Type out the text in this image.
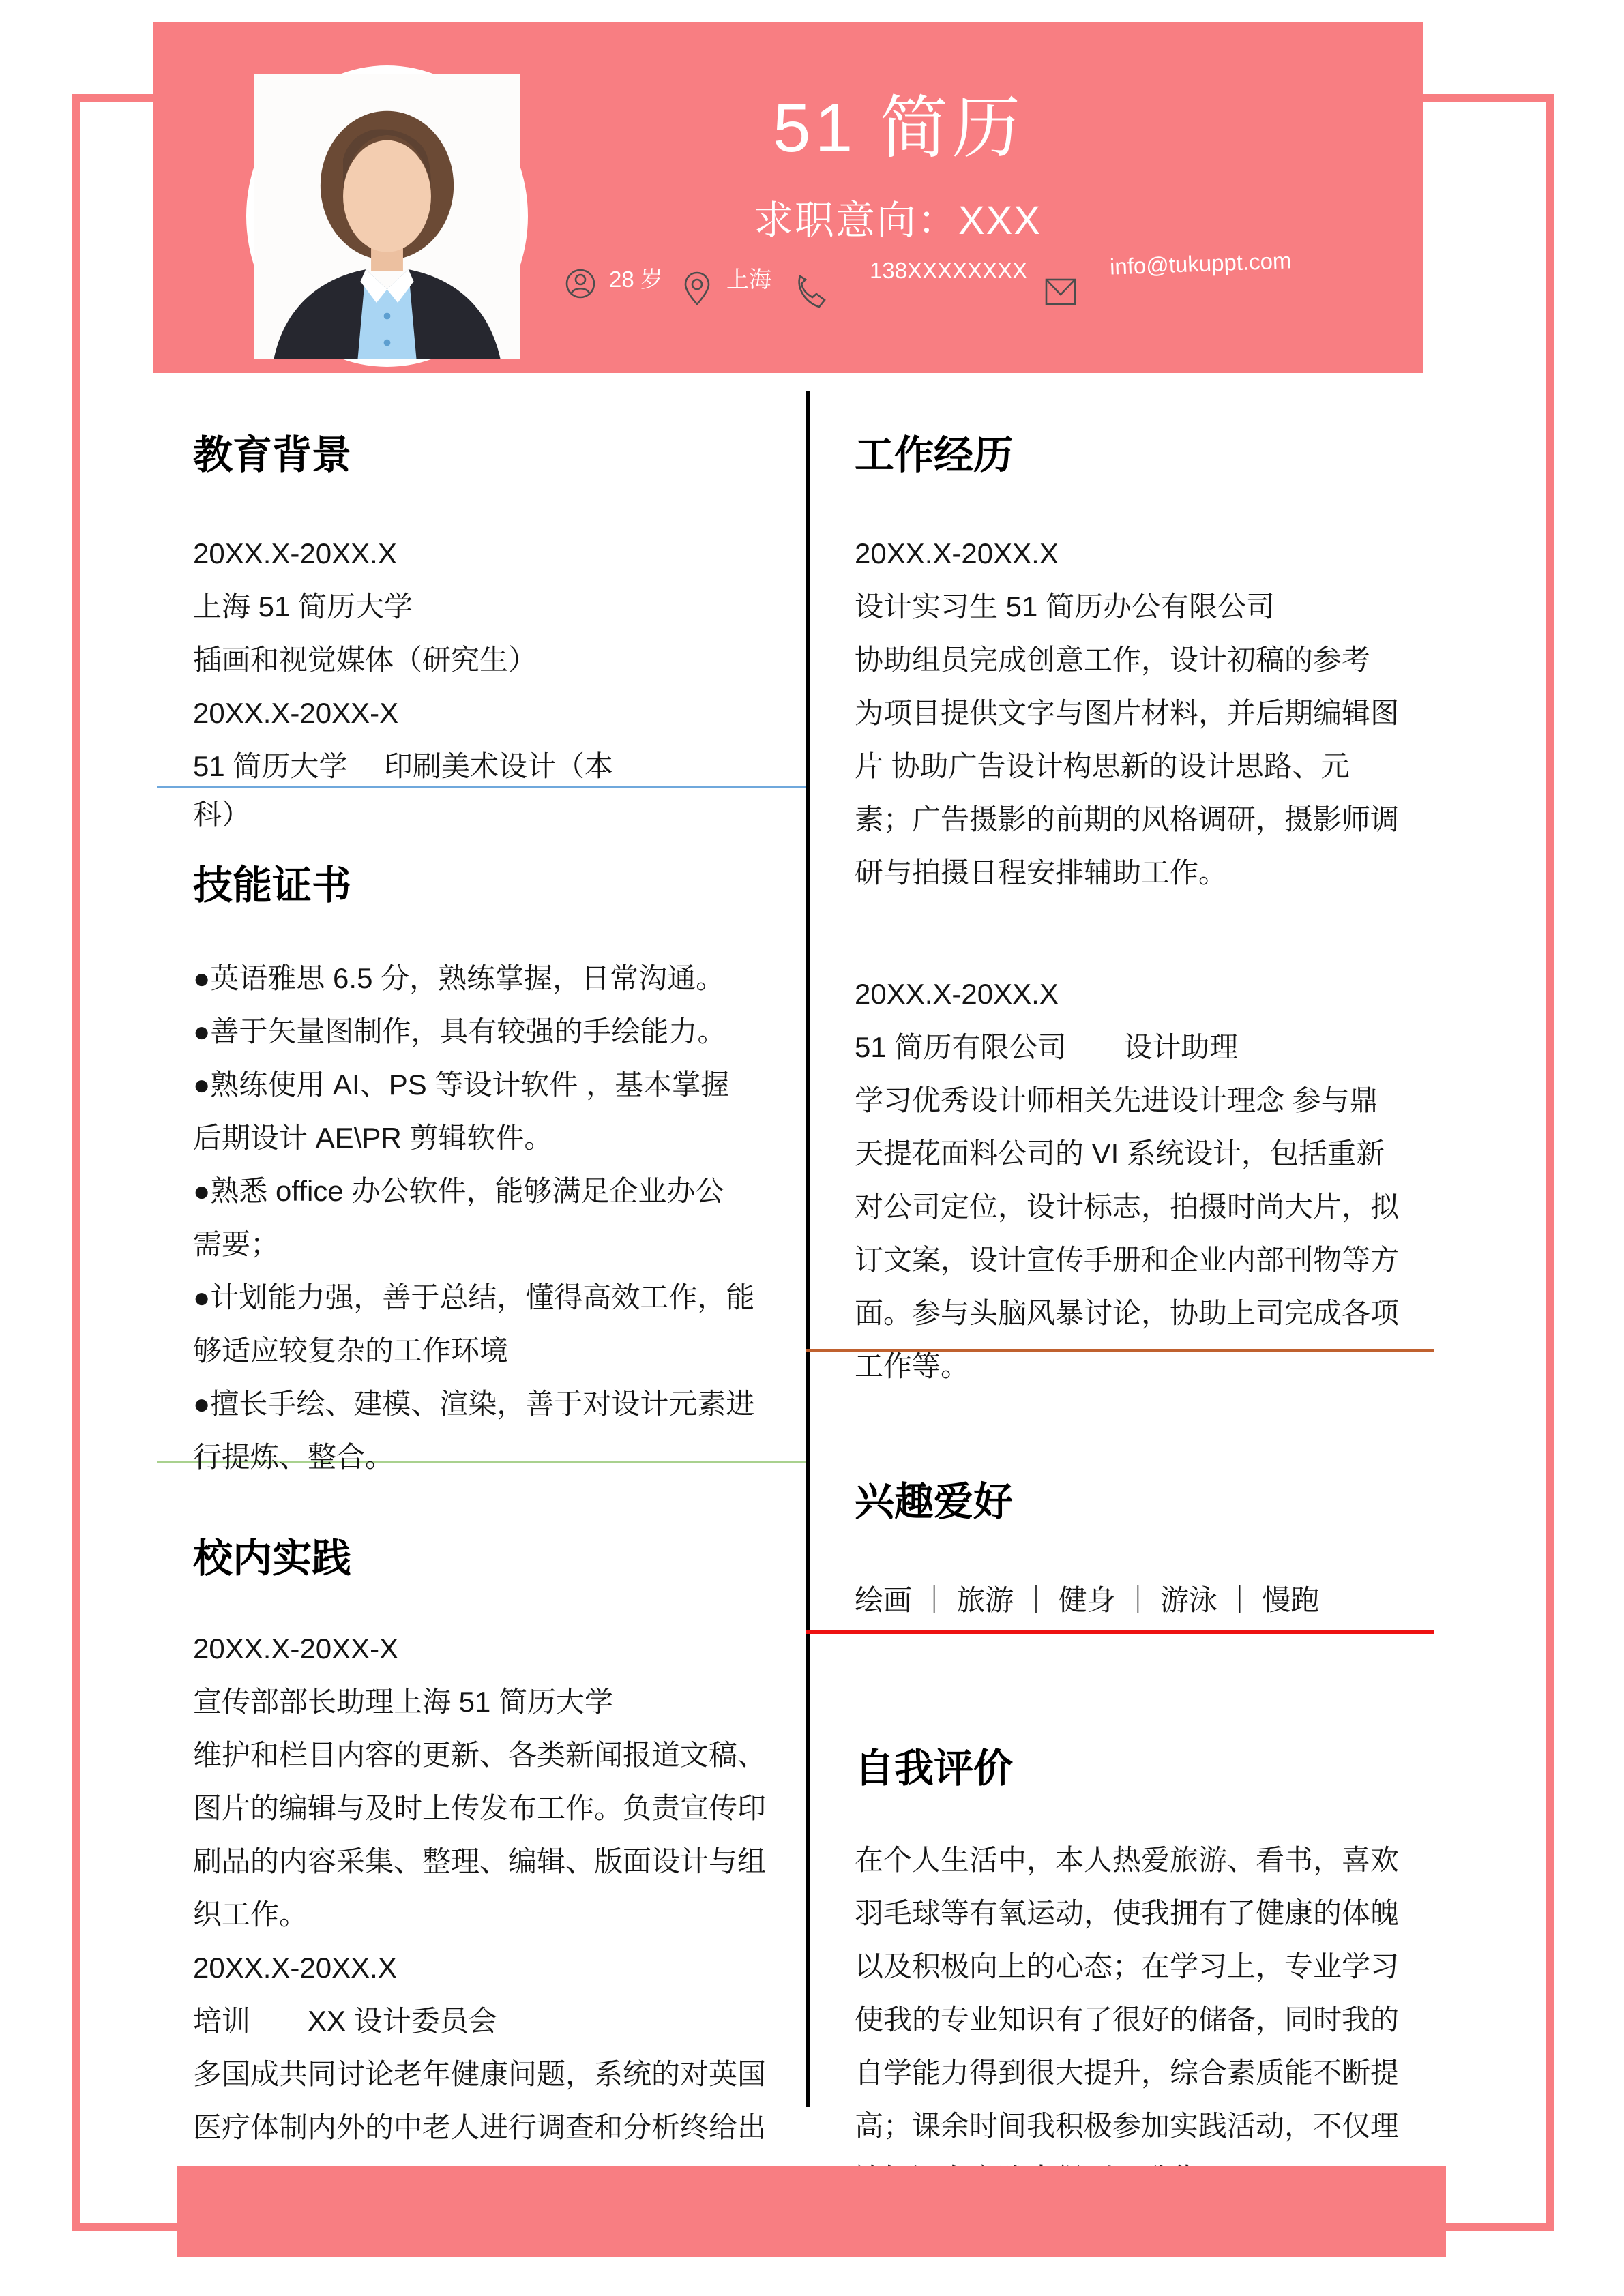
51 简历
求职意向：XXX
28 岁	上海	138XXXXXXXX	info@tukuppt.com
教育背景
20XX.X-20XX.X
上海 51 简历大学
插画和视觉媒体（研究生）
20XX.X-20XX-X
51 简历大学　 印刷美术设计（本
科）
技能证书
●英语雅思 6.5 分，熟练掌握，日常沟通。
●善于矢量图制作，具有较强的手绘能力。
●熟练使用 AI、PS 等设计软件 ，基本掌握
后期设计 AE\PR 剪辑软件。
●熟悉 office 办公软件，能够满足企业办公
需要；
●计划能力强，善于总结，懂得高效工作，能
够适应较复杂的工作环境
●擅长手绘、建模、渲染，善于对设计元素进
行提炼、整合。
校内实践
20XX.X-20XX-X
宣传部部长助理上海 51 简历大学
维护和栏目内容的更新、各类新闻报道文稿、
图片的编辑与及时上传发布工作。负责宣传印
刷品的内容采集、整理、编辑、版面设计与组
织工作。
20XX.X-20XX.X
培训　　XX 设计委员会
多国成共同讨论老年健康问题，系统的对英国
医疗体制内外的中老人进行调查和分析终给出
工作经历
20XX.X-20XX.X
设计实习生 51 简历办公有限公司
协助组员完成创意工作，设计初稿的参考
为项目提供文字与图片材料，并后期编辑图
片 协助广告设计构思新的设计思路、元
素；广告摄影的前期的风格调研，摄影师调
研与拍摄日程安排辅助工作。
20XX.X-20XX.X
51 简历有限公司　　设计助理
学习优秀设计师相关先进设计理念 参与鼎
天提花面料公司的 VI 系统设计，包括重新
对公司定位，设计标志，拍摄时尚大片，拟
订文案，设计宣传手册和企业内部刊物等方
面。参与头脑风暴讨论，协助上司完成各项
工作等。
兴趣爱好
绘画 ｜ 旅游 ｜ 健身 ｜ 游泳 ｜ 慢跑
自我评价
在个人生活中，本人热爱旅游、看书，喜欢
羽毛球等有氧运动，使我拥有了健康的体魄
以及积极向上的心态；在学习上，专业学习
使我的专业知识有了很好的储备，同时我的
自学能力得到很大提升，综合素质能不断提
高；课余时间我积极参加实践活动，不仅理
